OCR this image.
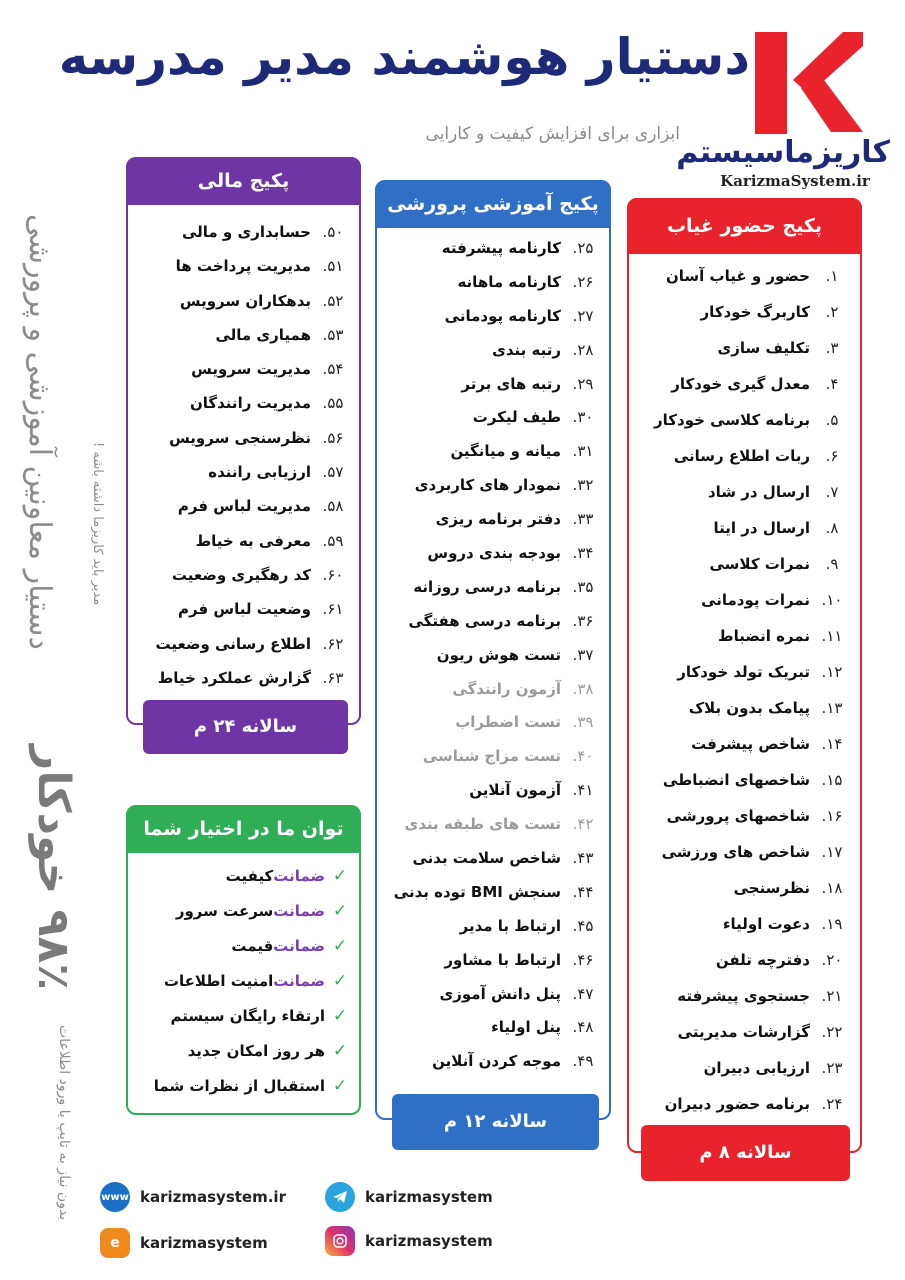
دستیار هوشمند مدیر مدرسه
ابزاری برای افزایش کیفیت و کارایی
کاریزماسیستم
KarizmaSystem.ir
دستیار معاونین آموزشی و پرورشی	مدیر باید کاریزما داشته باشه !
۹۸٪ خودکار
بدون نیاز به تایپ یا ورود اطلاعات
پکیج مالی
۵۰.
حسابداری و مالی
۵۱.
مدیریت پرداخت ها
۵۲.
بدهکاران سرویس
۵۳.
همیاری مالی
۵۴.
مدیریت سرویس
۵۵.
مدیریت رانندگان
۵۶.
نظرسنجی سرویس
۵۷.
ارزیابی راننده
۵۸.
مدیریت لباس فرم
۵۹.
معرفی به خیاط
۶۰.
کد رهگیری وضعیت
۶۱.
وضعیت لباس فرم
۶۲.
اطلاع رسانی وضعیت
۶۳.
گزارش عملکرد خیاط
سالانه ۲۴ م
پکیج آموزشی پرورشی
۲۵.
کارنامه پیشرفته
۲۶.
کارنامه ماهانه
۲۷.
کارنامه پودمانی
۲۸.
رتبه بندی
۲۹.
رتبه های برتر
۳۰.
طیف لیکرت
۳۱.
میانه و میانگین
۳۲.
نمودار های کاربردی
۳۳.
دفتر برنامه ریزی
۳۴.
بودجه بندی دروس
۳۵.
برنامه درسی روزانه
۳۶.
برنامه درسی هفتگی
۳۷.
تست هوش ریون
۳۸.
آزمون رانندگی
۳۹.
تست اضطراب
۴۰.
تست مزاج شناسی
۴۱.
آزمون آنلاین
۴۲.
تست های طبقه بندی
۴۳.
شاخص سلامت بدنی
۴۴.
سنجش BMI توده بدنی
۴۵.
ارتباط با مدیر
۴۶.
ارتباط با مشاور
۴۷.
پنل دانش آموزی
۴۸.
پنل اولیاء
۴۹.
موجه کردن آنلاین
سالانه ۱۲ م
پکیج حضور غیاب
۱.
حضور و غیاب آسان
۲.
کاربرگ خودکار
۳.
تکلیف سازی
۴.
معدل گیری خودکار
۵.
برنامه کلاسی خودکار
۶.
ربات اطلاع رسانی
۷.
ارسال در شاد
۸.
ارسال در ایتا
۹.
نمرات کلاسی
۱۰.
نمرات پودمانی
۱۱.
نمره انضباط
۱۲.
تبریک تولد خودکار
۱۳.
پیامک بدون بلاک
۱۴.
شاخص پیشرفت
۱۵.
شاخصهای انضباطی
۱۶.
شاخصهای پرورشی
۱۷.
شاخص های ورزشی
۱۸.
نظرسنجی
۱۹.
دعوت اولیاء
۲۰.
دفترچه تلفن
۲۱.
جستجوی پیشرفته
۲۲.
گزارشات مدیریتی
۲۳.
ارزیابی دبیران
۲۴.
برنامه حضور دبیران
سالانه ۸ م
توان ما در اختیار شما
✓
ضمانت
کیفیت
✓
ضمانت
سرعت سرور
✓
ضمانت
قیمت
✓
ضمانت
امنیت اطلاعات
✓
ارتقاء رایگان سیستم
✓
هر روز امکان جدید
✓
استقبال از نظرات شما
www karizmasystem.ir	karizmasystem
e	karizmasystem	karizmasystem
